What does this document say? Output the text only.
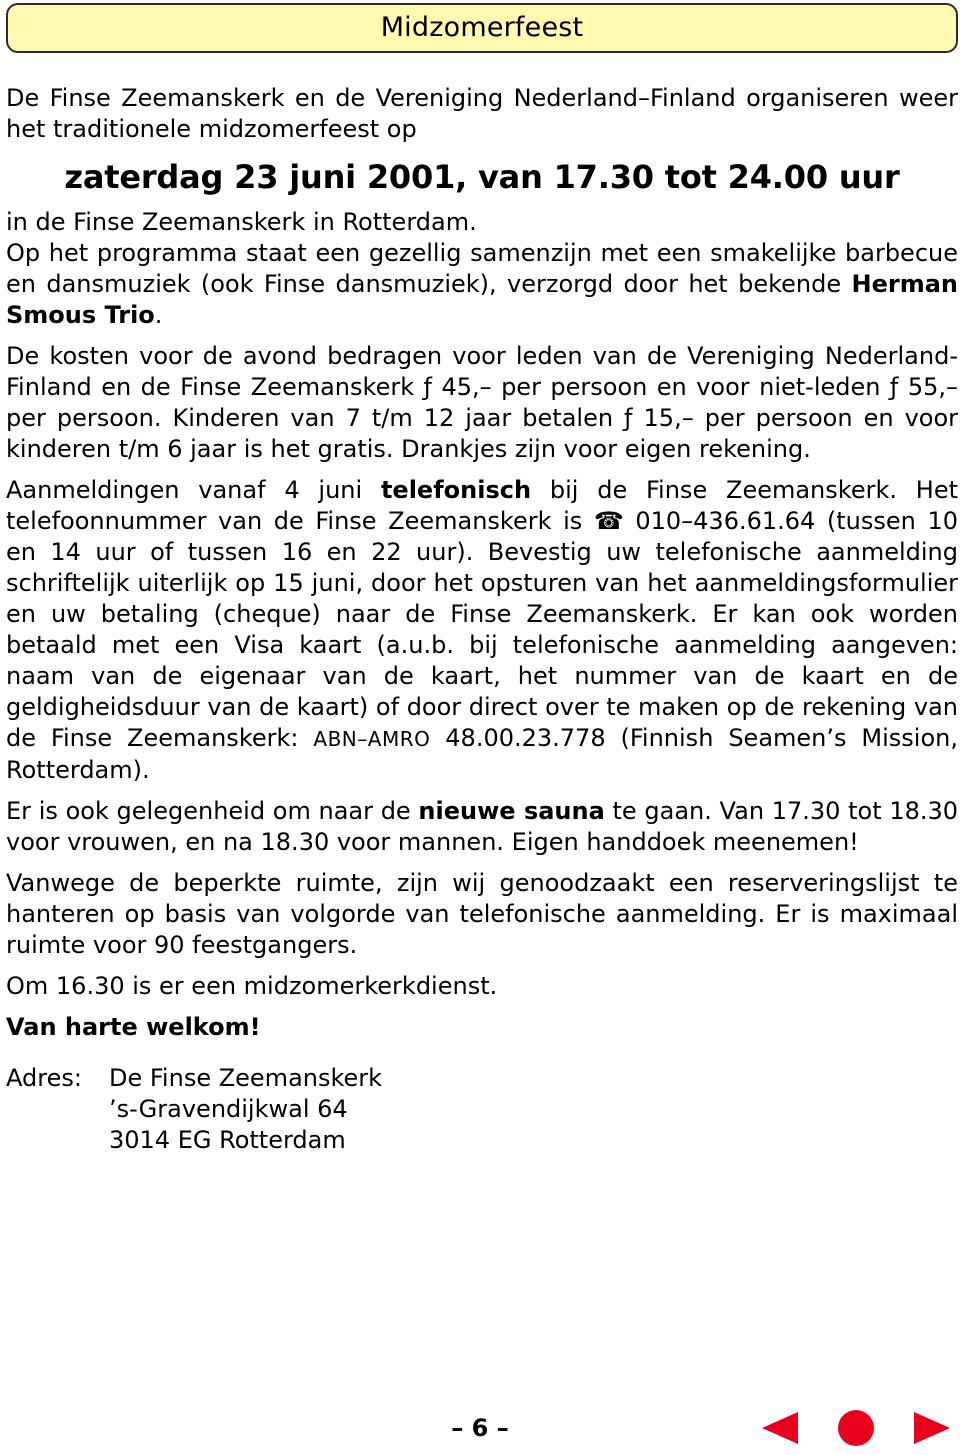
Midzomerfeest

De Finse Zeemanskerk en de Vereniging Nederland–Finland organiseren weer het traditionele midzomerfeest op

zaterdag 23 juni 2001, van 17.30 tot 24.00 uur

in de Finse Zeemanskerk in Rotterdam.

Op het programma staat een gezellig samenzijn met een smakelijke barbecue en dansmuziek (ook Finse dansmuziek), verzorgd door het bekende Herman Smous Trio.

De kosten voor de avond bedragen voor leden van de Vereniging Nederland-Finland en de Finse Zeemanskerk ƒ 45,– per persoon en voor niet-leden ƒ 55,– per persoon. Kinderen van 7 t/m 12 jaar betalen ƒ 15,– per persoon en voor kinderen t/m 6 jaar is het gratis. Drankjes zijn voor eigen rekening.

Aanmeldingen vanaf 4 juni telefonisch bij de Finse Zeemanskerk. Het telefoonnummer van de Finse Zeemanskerk is ☎ 010–436.61.64 (tussen 10 en 14 uur of tussen 16 en 22 uur). Bevestig uw telefonische aanmelding schriftelijk uiterlijk op 15 juni, door het opsturen van het aanmeldingsformulier en uw betaling (cheque) naar de Finse Zeemanskerk. Er kan ook worden betaald met een Visa kaart (a.u.b. bij telefonische aanmelding aangeven: naam van de eigenaar van de kaart, het nummer van de kaart en de geldigheidsduur van de kaart) of door direct over te maken op de rekening van de Finse Zeemanskerk: ABN–AMRO 48.00.23.778 (Finnish Seamen’s Mission, Rotterdam).

Er is ook gelegenheid om naar de nieuwe sauna te gaan. Van 17.30 tot 18.30 voor vrouwen, en na 18.30 voor mannen. Eigen handdoek meenemen!

Vanwege de beperkte ruimte, zijn wij genoodzaakt een reserveringslijst te hanteren op basis van volgorde van telefonische aanmelding. Er is maximaal ruimte voor 90 feestgangers.

Om 16.30 is er een midzomerkerkdienst.

Van harte welkom!
Adres:	De Finse Zeemanskerk
’s-Gravendijkwal 64
3014 EG Rotterdam
– 6 –
